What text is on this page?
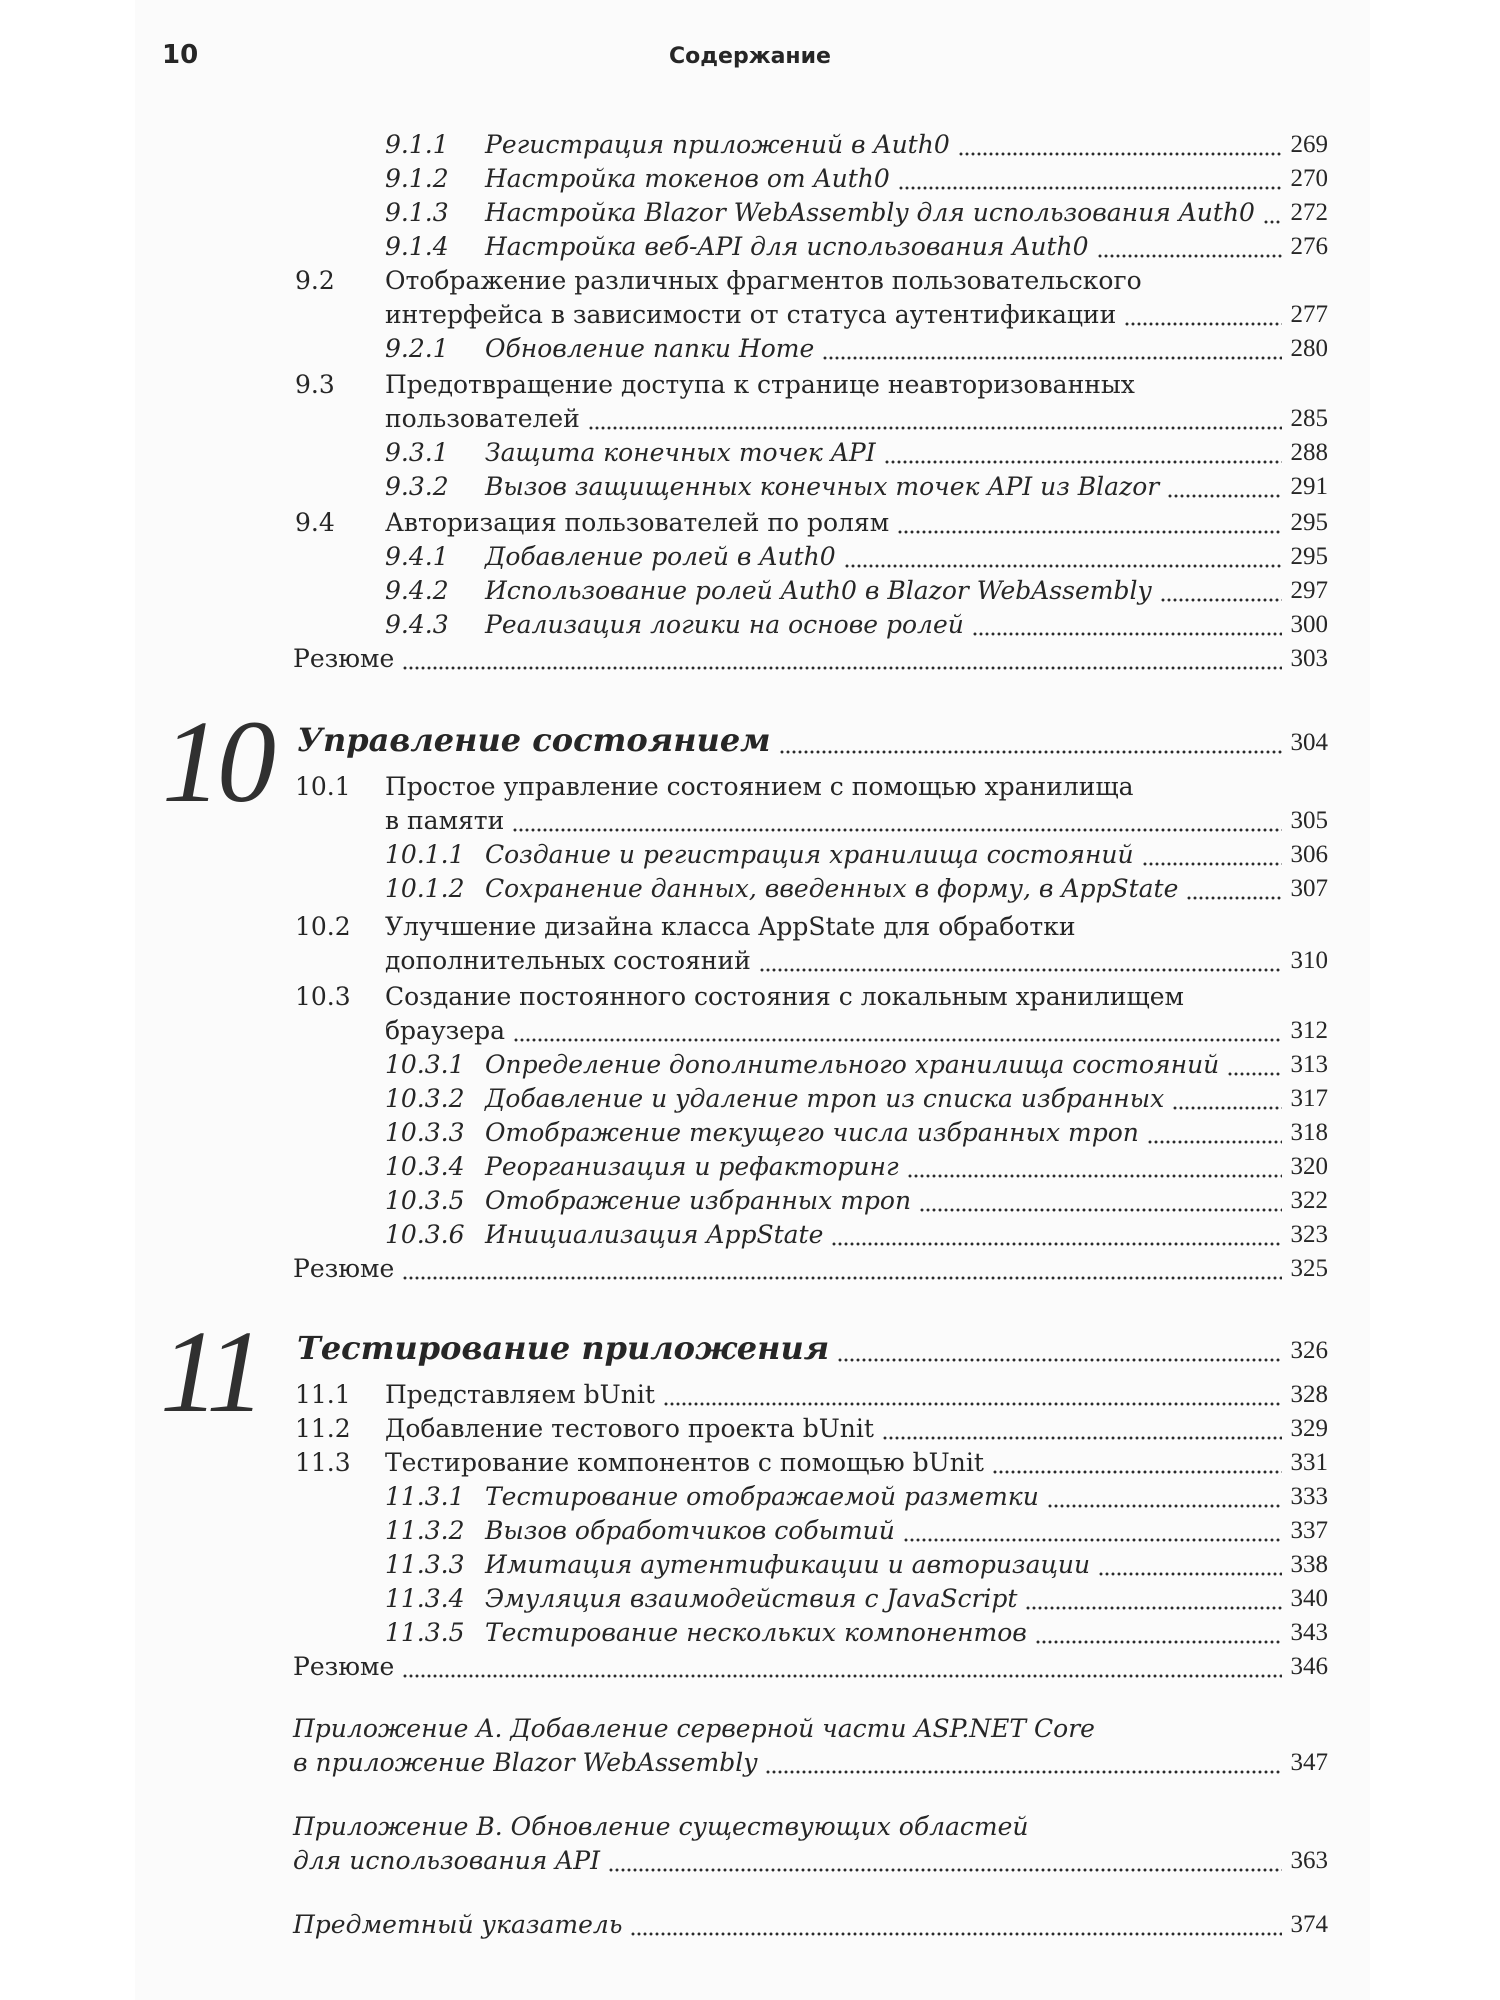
10	Содержание
9.1.1 Регистрация приложений в Auth0	269
9.1.2 Настройка токенов от Auth0	270
9.1.3 Настройка Blazor WebAssembly для использования Auth0 272
9.1.4 Настройка веб-API для использования Auth0	276
9.2 Отображение различных фрагментов пользовательского
интерфейса в зависимости от статуса аутентификации	277
9.2.1 Обновление папки Home	280
9.3 Предотвращение доступа к странице неавторизованных
пользователей	285
9.3.1 Защита конечных точек API	288
9.3.2 Вызов защищенных конечных точек API из Blazor	291
9.4 Авторизация пользователей по ролям	295
9.4.1 Добавление ролей в Auth0	295
9.4.2 Использование ролей Auth0 в Blazor WebAssembly	297
9.4.3 Реализация логики на основе ролей	300
Резюме	303
10 Управление состоянием	304
10.1 Простое управление состоянием с помощью хранилища
в памяти	305
10.1.1 Создание и регистрация хранилища состояний	306
10.1.2 Сохранение данных, введенных в форму, в AppState	307
10.2 Улучшение дизайна класса AppState для обработки
дополнительных состояний	310
10.3 Создание постоянного состояния с локальным хранилищем
браузера	312
10.3.1 Определение дополнительного хранилища состояний	313
10.3.2 Добавление и удаление троп из списка избранных	317
10.3.3 Отображение текущего числа избранных троп	318
10.3.4 Реорганизация и рефакторинг	320
10.3.5 Отображение избранных троп	322
10.3.6 Инициализация AppState	323
Резюме	325
11 Тестирование приложения	326
11.1 Представляем bUnit	328
11.2 Добавление тестового проекта bUnit	329
11.3 Тестирование компонентов с помощью bUnit	331
11.3.1 Тестирование отображаемой разметки	333
11.3.2 Вызов обработчиков событий	337
11.3.3 Имитация аутентификации и авторизации	338
11.3.4 Эмуляция взаимодействия с JavaScript	340
11.3.5 Тестирование нескольких компонентов	343
Резюме	346
Приложение A. Добавление серверной части ASP.NET Core
в приложение Blazor WebAssembly	347
Приложение B. Обновление существующих областей
для использования API	363
Предметный указатель	374
